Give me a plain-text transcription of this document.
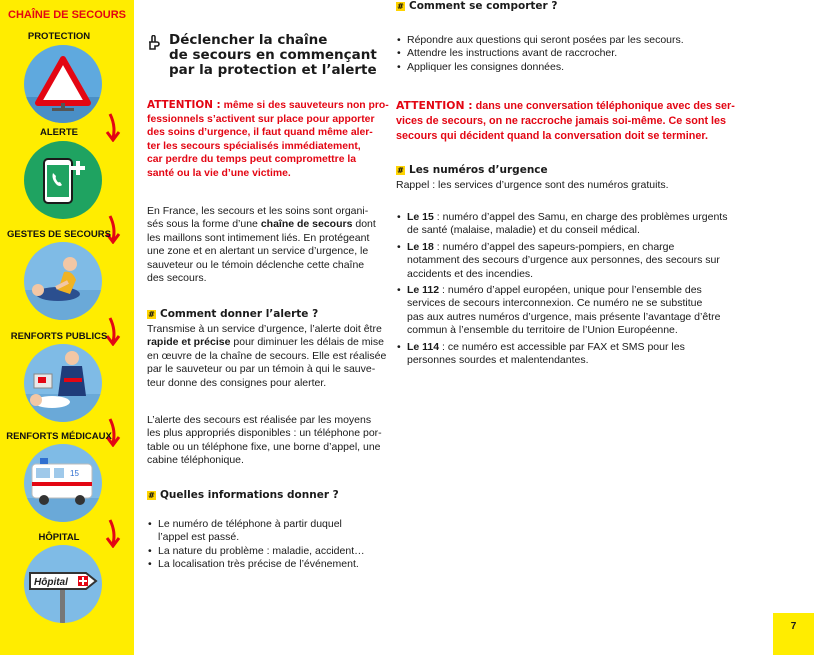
CHAÎNE DE SECOURS
PROTECTION
ALERTE
GESTES DE SECOURS
RENFORTS PUBLICS
RENFORTS MÉDICAUX
15
HÔPITAL
Hôpital
Déclencher la chaîne
de secours en commençant
par la protection et l’alerte
ATTENTION : même si des sauveteurs non pro-
fessionnels s’activent sur place pour apporter
des soins d’urgence, il faut quand même aler-
ter les secours spécialisés immédiatement,
car perdre du temps peut compromettre la
santé ou la vie d’une victime.
En France, les secours et les soins sont organi-
sés sous la forme d’une chaîne de secours dont
les maillons sont intimement liés. En protégeant
une zone et en alertant un service d’urgence, le
sauveteur ou le témoin déclenche cette chaîne
des secours.
# Comment donner l’alerte ?
Transmise à un service d’urgence, l’alerte doit être
rapide et précise pour diminuer les délais de mise
en œuvre de la chaîne de secours. Elle est réalisée
par le sauveteur ou par un témoin à qui le sauve-
teur donne des consignes pour alerter.
L’alerte des secours est réalisée par les moyens
les plus appropriés disponibles : un téléphone por-
table ou un téléphone fixe, une borne d’appel, une
cabine téléphonique.
# Quelles informations donner ?
• Le numéro de téléphone à partir duquel
l’appel est passé.
• La nature du problème : maladie, accident…
• La localisation très précise de l’événement.
# Comment se comporter ?
• Répondre aux questions qui seront posées par les secours.
• Attendre les instructions avant de raccrocher.
• Appliquer les consignes données.
ATTENTION : dans une conversation téléphonique avec des ser-
vices de secours, on ne raccroche jamais soi-même. Ce sont les
secours qui décident quand la conversation doit se terminer.
# Les numéros d’urgence
Rappel : les services d’urgence sont des numéros gratuits.
• Le 15 : numéro d’appel des Samu, en charge des problèmes urgents
de santé (malaise, maladie) et du conseil médical.
• Le 18 : numéro d’appel des sapeurs-pompiers, en charge
notamment des secours d’urgence aux personnes, des secours sur
accidents et des incendies.
• Le 112 : numéro d’appel européen, unique pour l’ensemble des
services de secours interconnexion. Ce numéro ne se substitue
pas aux autres numéros d’urgence, mais présente l’avantage d’être
commun à l’ensemble du territoire de l’Union Européenne.
• Le 114 : ce numéro est accessible par FAX et SMS pour les
personnes sourdes et malentendantes.
7
